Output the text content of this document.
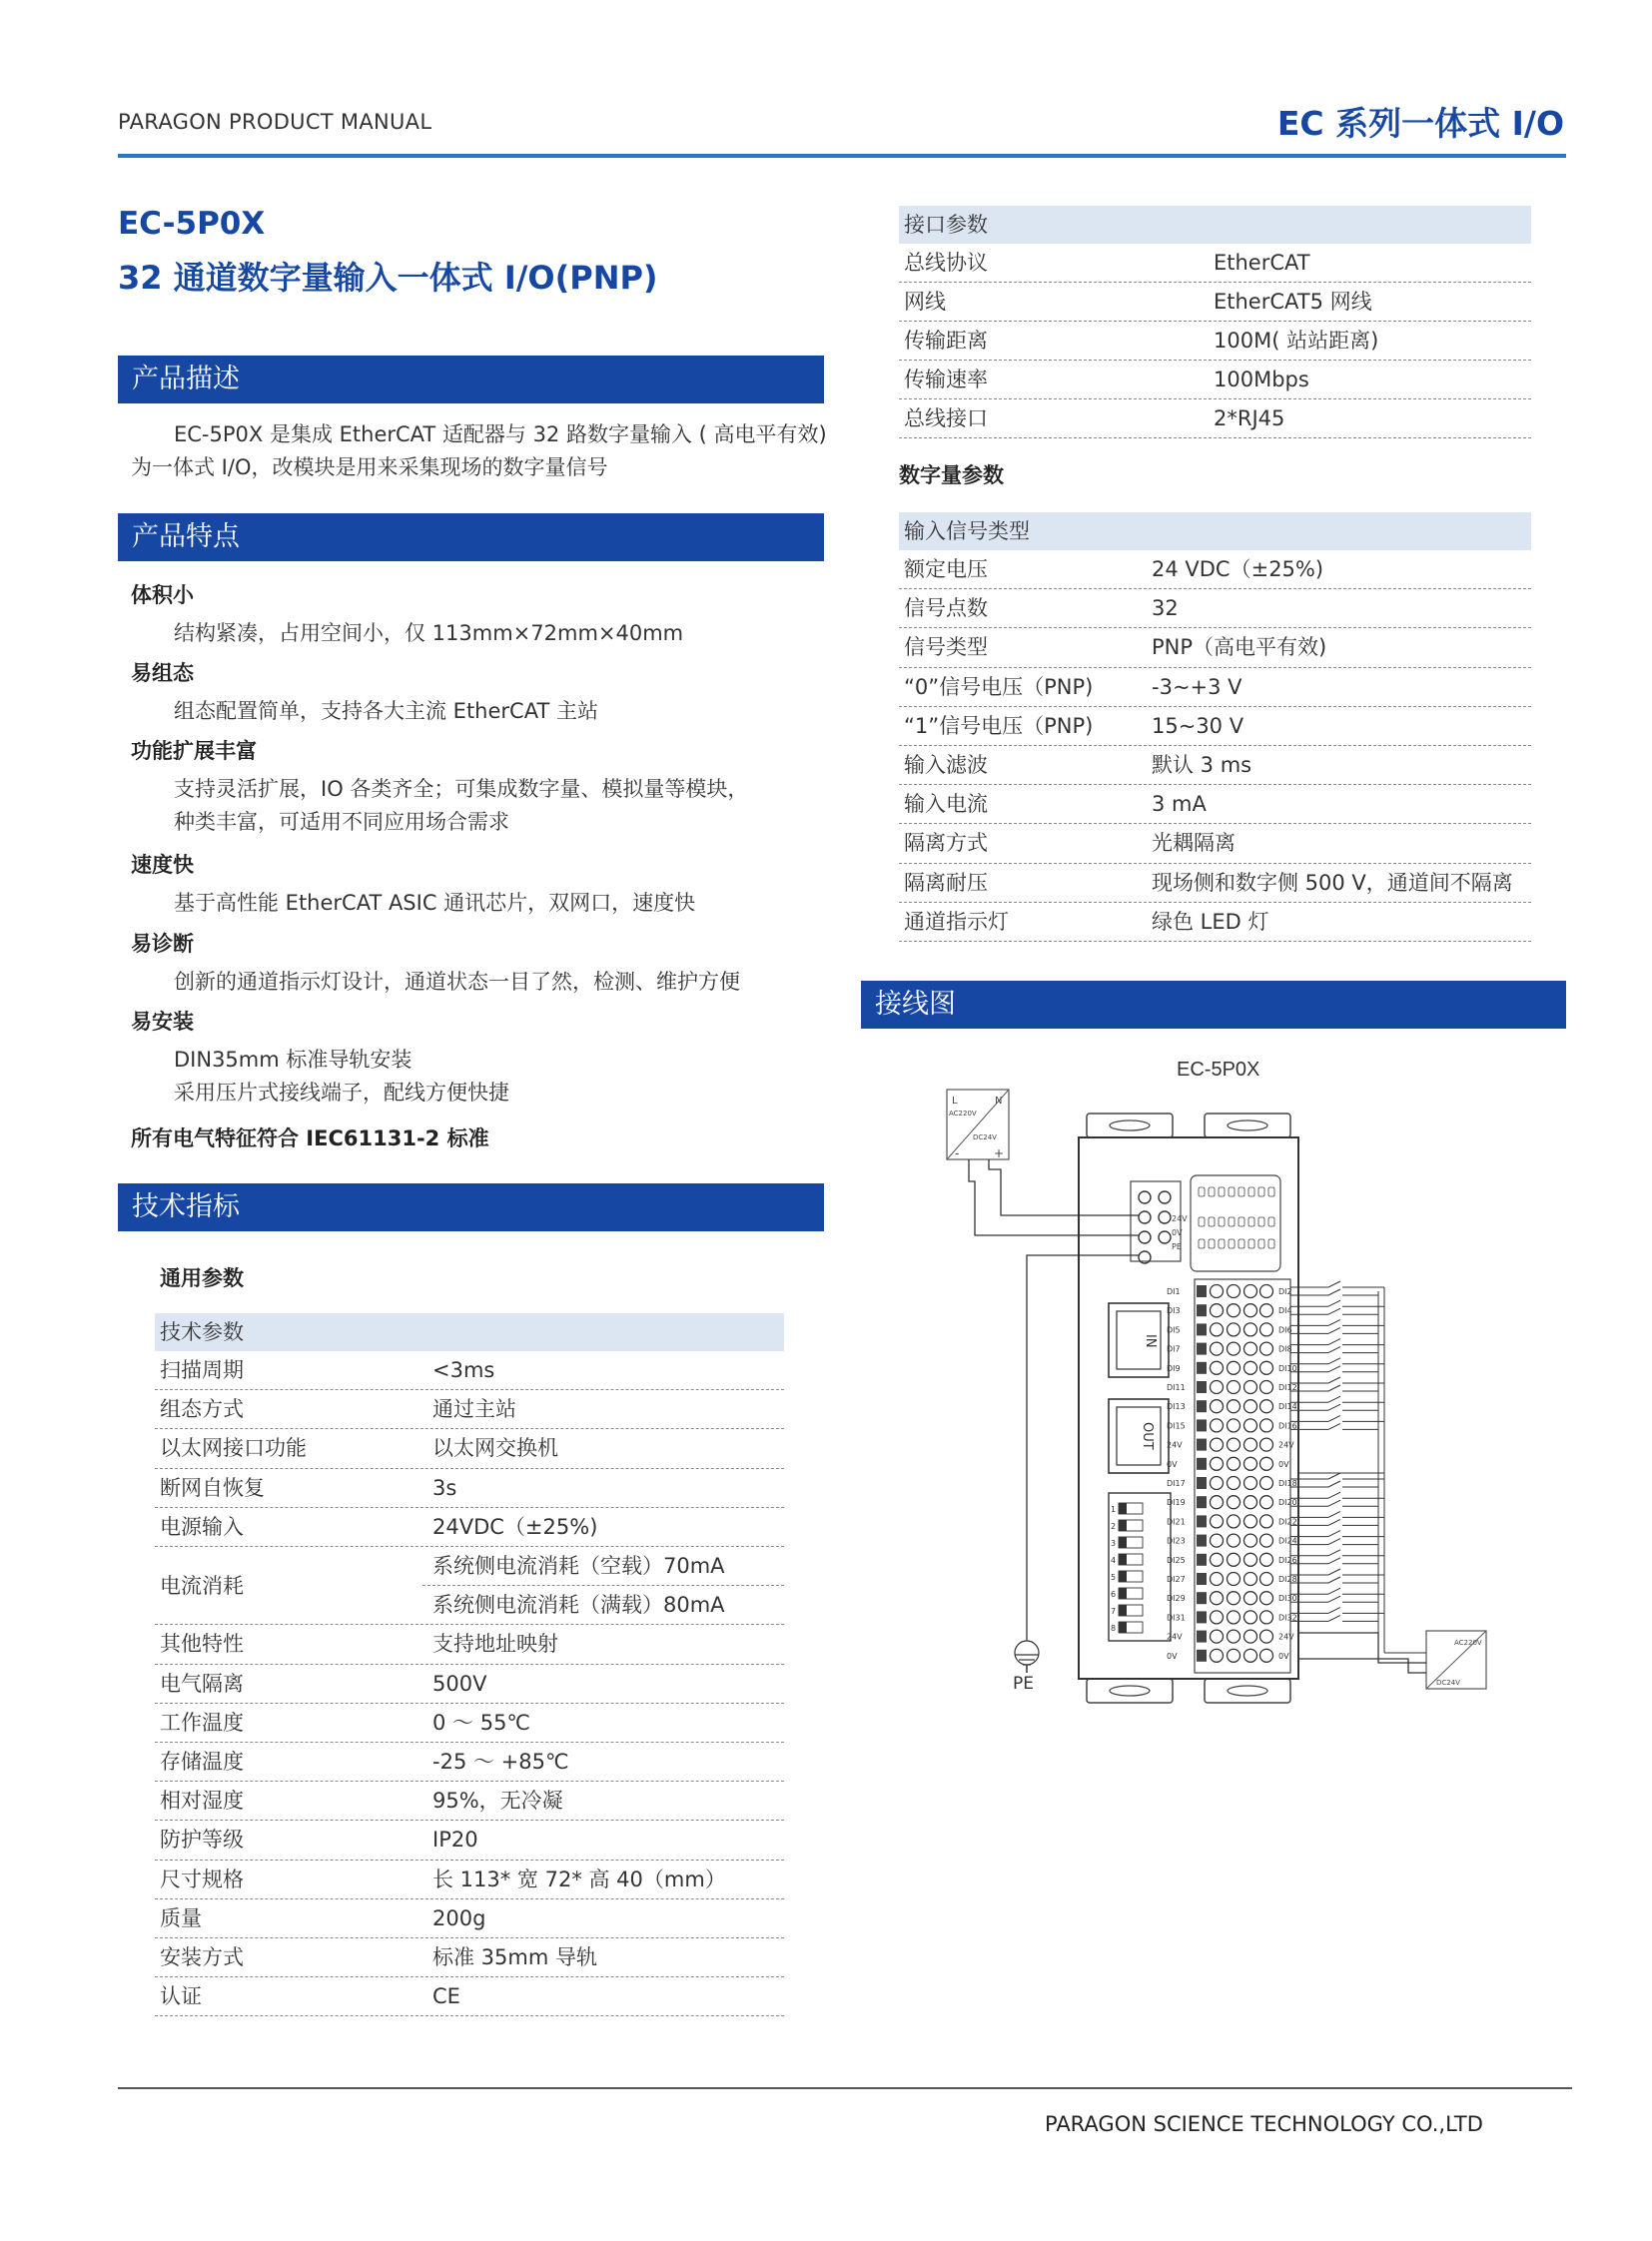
PARAGON PRODUCT MANUAL	EC 系列一体式 I/O
EC-5P0X
32 通道数字量输入一体式 I/O(PNP)
产品描述
EC-5P0X 是集成 EtherCAT 适配器与 32 路数字量输入 ( 高电平有效)
为一体式 I/O，改模块是用来采集现场的数字量信号
产品特点
体积小
结构紧凑，占用空间小，仅 113mm×72mm×40mm
易组态
组态配置简单，支持各大主流 EtherCAT 主站
功能扩展丰富
支持灵活扩展，IO 各类齐全；可集成数字量、模拟量等模块，
种类丰富，可适用不同应用场合需求
速度快
基于高性能 EtherCAT ASIC 通讯芯片，双网口，速度快
易诊断
创新的通道指示灯设计，通道状态一目了然，检测、维护方便
易安装
DIN35mm 标准导轨安装
采用压片式接线端子，配线方便快捷
所有电气特征符合 IEC61131-2 标准
技术指标
通用参数
技术参数
扫描周期	<3ms
组态方式	通过主站
以太网接口功能	以太网交换机
断网自恢复	3s
电源输入	24VDC（±25%)
电流消耗
系统侧电流消耗（空载）70mA
系统侧电流消耗（满载）80mA
其他特性	支持地址映射
电气隔离	500V
工作温度	0 ～ 55℃
存储温度	-25 ～ +85℃
相对湿度	95%，无冷凝
防护等级	IP20
尺寸规格	长 113* 宽 72* 高 40（mm）
质量	200g
安装方式	标准 35mm 导轨
认证	CE
接口参数
总线协议	EtherCAT
网线	EtherCAT5 网线
传输距离	100M( 站站距离)
传输速率	100Mbps
总线接口	2*RJ45
数字量参数
输入信号类型
额定电压	24 VDC（±25%)
信号点数	32
信号类型	PNP（高电平有效)
“0”信号电压（PNP)	-3~+3 V
“1”信号电压（PNP)	15~30 V
输入滤波	默认 3 ms
输入电流	3 mA
隔离方式	光耦隔离
隔离耐压	现场侧和数字侧 500 V，通道间不隔离
通道指示灯	绿色 LED 灯
接线图
EC-5P0X
L	N
AC220V
DC24V
-	+
AC220V
DC24V
24V
0V
PE
IN
OUT
1
2
3
4
5
6
7
8
DI1	DI2
DI3	DI4
DI5	DI6
DI7	DI8
DI9	DI10
DI11	DI12
DI13	DI14
DI15	DI16
24V	24V
0V	0V
DI17	DI18
DI19	DI20
DI21	DI22
DI23	DI24
DI25	DI26
DI27	DI28
DI29	DI30
DI31	DI32
24V	24V
0V	0V
PE
PARAGON SCIENCE TECHNOLOGY CO.,LTD
